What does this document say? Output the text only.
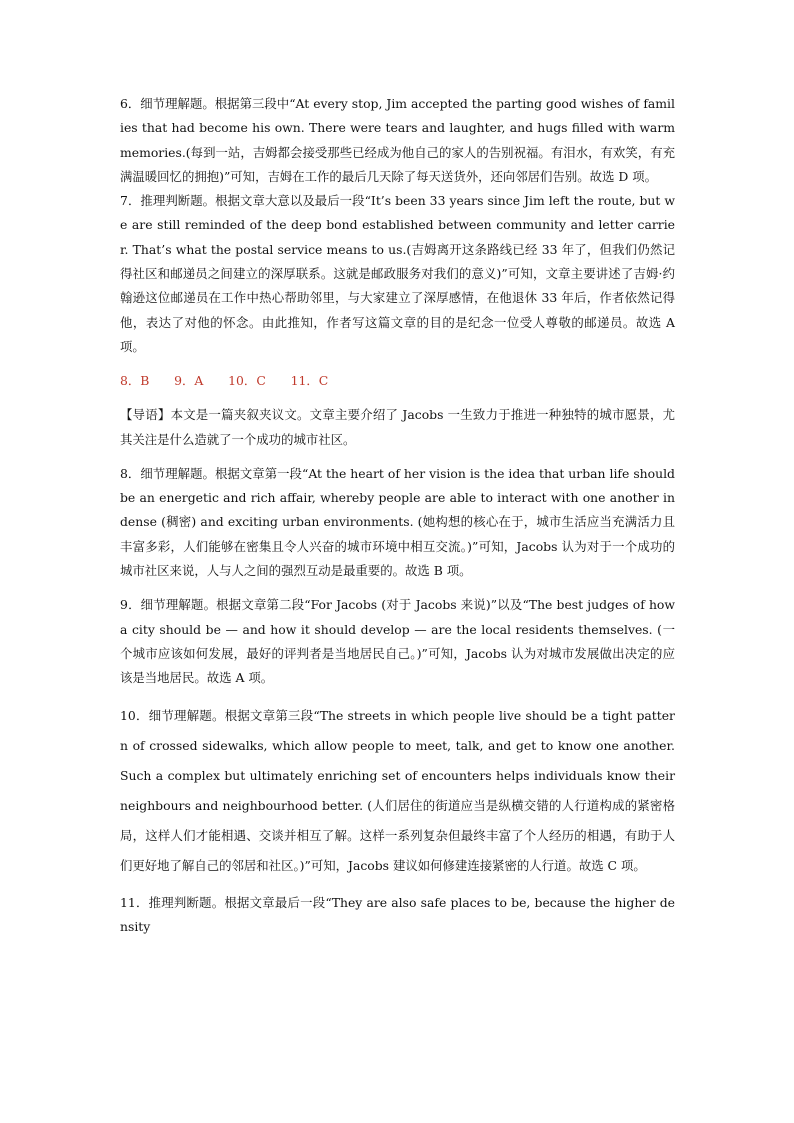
6．细节理解题。根据第三段中“At every stop, Jim accepted the parting good wishes of families that had become his own. There were tears and laughter, and hugs filled with warm memories.(每到一站，吉姆都会接受那些已经成为他自己的家人的告别祝福。有泪水，有欢笑，有充满温暖回忆的拥抱)”可知，吉姆在工作的最后几天除了每天送货外，还向邻居们告别。故选 D 项。

7．推理判断题。根据文章大意以及最后一段“It’s been 33 years since Jim left the route, but we are still reminded of the deep bond established between community and letter carrier. That’s what the postal service means to us.(吉姆离开这条路线已经 33 年了，但我们仍然记得社区和邮递员之间建立的深厚联系。这就是邮政服务对我们的意义)”可知，文章主要讲述了吉姆·约翰逊这位邮递员在工作中热心帮助邻里，与大家建立了深厚感情，在他退休 33 年后，作者依然记得他，表达了对他的怀念。由此推知，作者写这篇文章的目的是纪念一位受人尊敬的邮递员。故选 A 项。

8．B　　9．A　　10．C　　11．C

【导语】本文是一篇夹叙夹议文。文章主要介绍了 Jacobs 一生致力于推进一种独特的城市愿景，尤其关注是什么造就了一个成功的城市社区。

8．细节理解题。根据文章第一段“At the heart of her vision is the idea that urban life should be an energetic and rich affair, whereby people are able to interact with one another in dense (稠密) and exciting urban environments. (她构想的核心在于，城市生活应当充满活力且丰富多彩，人们能够在密集且令人兴奋的城市环境中相互交流。)”可知，Jacobs 认为对于一个成功的城市社区来说，人与人之间的强烈互动是最重要的。故选 B 项。

9．细节理解题。根据文章第二段“For Jacobs (对于 Jacobs 来说)”以及“The best judges of how a city should be — and how it should develop — are the local residents themselves. (一个城市应该如何发展，最好的评判者是当地居民自己。)”可知，Jacobs 认为对城市发展做出决定的应该是当地居民。故选 A 项。

10．细节理解题。根据文章第三段“The streets in which people live should be a tight pattern of crossed sidewalks, which allow people to meet, talk, and get to know one another. Such a complex but ultimately enriching set of encounters helps individuals know their neighbours and neighbourhood better. (人们居住的街道应当是纵横交错的人行道构成的紧密格局，这样人们才能相遇、交谈并相互了解。这样一系列复杂但最终丰富了个人经历的相遇，有助于人们更好地了解自己的邻居和社区。)”可知，Jacobs 建议如何修建连接紧密的人行道。故选 C 项。

11．推理判断题。根据文章最后一段“They are also safe places to be, because the higher density
